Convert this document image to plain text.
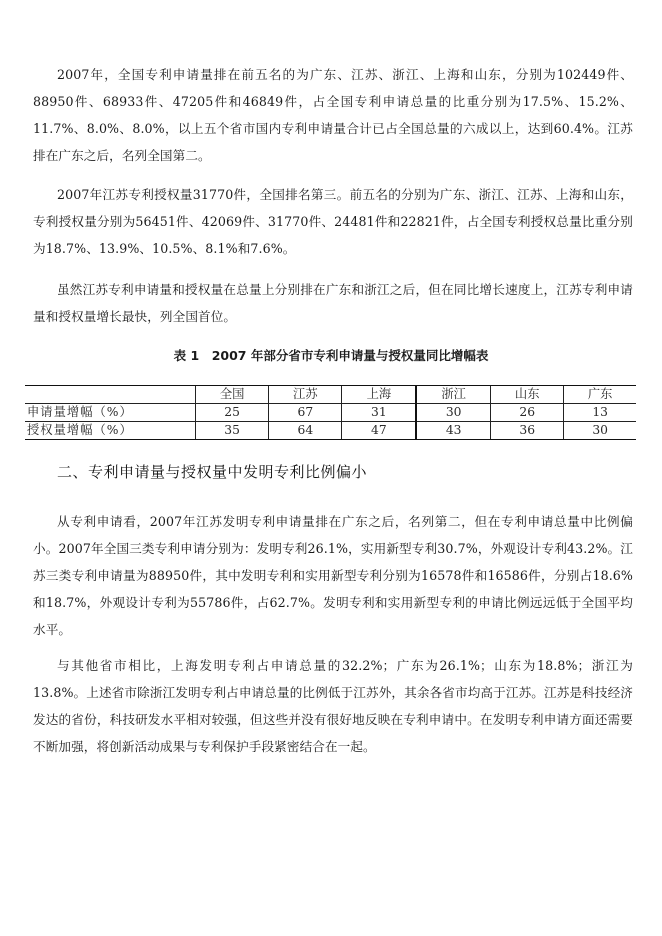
2007年，全国专利申请量排在前五名的为广东、江苏、浙江、上海和山东，分别为102449件、88950件、68933件、47205件和46849件，占全国专利申请总量的比重分别为17.5%、15.2%、11.7%、8.0%、8.0%，以上五个省市国内专利申请量合计已占全国总量的六成以上，达到60.4%。江苏排在广东之后，名列全国第二。

2007年江苏专利授权量31770件，全国排名第三。前五名的分别为广东、浙江、江苏、上海和山东，专利授权量分别为56451件、42069件、31770件、24481件和22821件，占全国专利授权总量比重分别为18.7%、13.9%、10.5%、8.1%和7.6%。

虽然江苏专利申请量和授权量在总量上分别排在广东和浙江之后，但在同比增长速度上，江苏专利申请量和授权量增长最快，列全国首位。

表 1　2007 年部分省市专利申请量与授权量同比增幅表
	全国	江苏	上海	浙江	山东	广东
申请量增幅（%）	25	67	31	30	26	13
授权量增幅（%）	35	64	47	43	36	30
二、专利申请量与授权量中发明专利比例偏小

从专利申请看，2007年江苏发明专利申请量排在广东之后，名列第二，但在专利申请总量中比例偏小。2007年全国三类专利申请分别为：发明专利26.1%，实用新型专利30.7%，外观设计专利43.2%。江苏三类专利申请量为88950件，其中发明专利和实用新型专利分别为16578件和16586件，分别占18.6%和18.7%，外观设计专利为55786件，占62.7%。发明专利和实用新型专利的申请比例远远低于全国平均水平。

与其他省市相比，上海发明专利占申请总量的32.2%；广东为26.1%；山东为18.8%；浙江为13.8%。上述省市除浙江发明专利占申请总量的比例低于江苏外，其余各省市均高于江苏。江苏是科技经济发达的省份，科技研发水平相对较强，但这些并没有很好地反映在专利申请中。在发明专利申请方面还需要不断加强，将创新活动成果与专利保护手段紧密结合在一起。
